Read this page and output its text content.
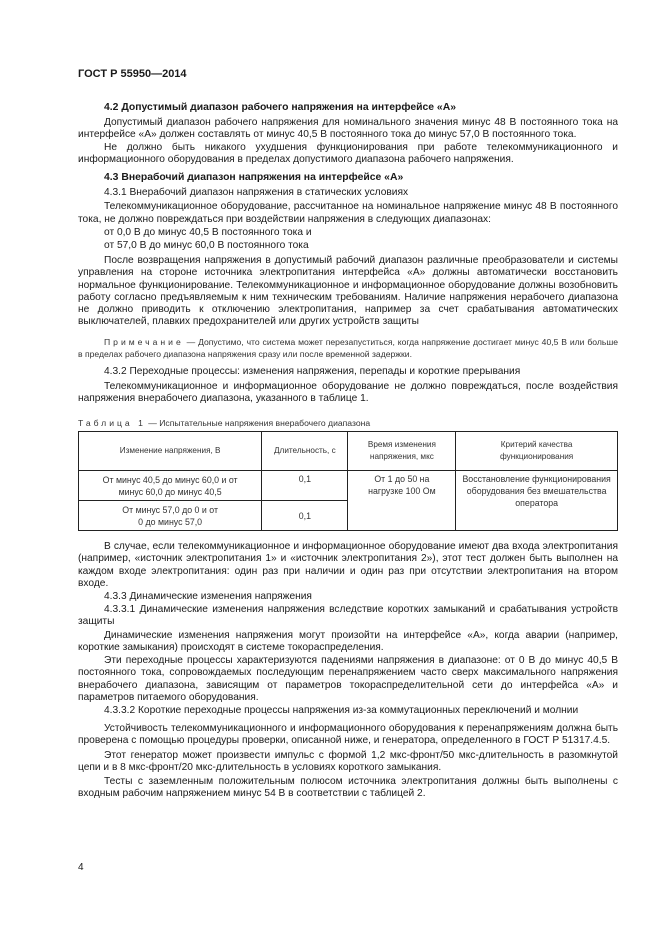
ГОСТ Р 55950—2014

4.2 Допустимый диапазон рабочего напряжения на интерфейсе «A»

Допустимый диапазон рабочего напряжения для номинального значения минус 48 В постоянного тока на интерфейсе «A» должен составлять от минус 40,5 В постоянного тока до минус 57,0 В постоянного тока.

Не должно быть никакого ухудшения функционирования при работе телекоммуникационного и информационного оборудования в пределах допустимого диапазона рабочего напряжения.

4.3 Внерабочий диапазон напряжения на интерфейсе «A»

4.3.1 Внерабочий диапазон напряжения в статических условиях

Телекоммуникационное оборудование, рассчитанное на номинальное напряжение минус 48 В постоянного тока, не должно повреждаться при воздействии напряжения в следующих диапазонах:

от 0,0 В до минус 40,5 В постоянного тока и

от 57,0 В до минус 60,0 В постоянного тока

После возвращения напряжения в допустимый рабочий диапазон различные преобразователи и системы управления на стороне источника электропитания интерфейса «A» должны автоматически восстановить нормальное функционирование. Телекоммуникационное и информационное оборудование должны возобновить работу согласно предъявляемым к ним техническим требованиям. Наличие напряжения нерабочего диапазона не должно приводить к отключению электропитания, например за счет срабатывания автоматических выключателей, плавких предохранителей или других устройств защиты

Примечание — Допустимо, что система может перезапуститься, когда напряжение достигает минус 40,5 В или больше в пределах рабочего диапазона напряжения сразу или после временной задержки.

4.3.2 Переходные процессы: изменения напряжения, перепады и короткие прерывания

Телекоммуникационное и информационное оборудование не должно повреждаться, после воздействия напряжения внерабочего диапазона, указанного в таблице 1.

Таблица 1 — Испытательные напряжения внерабочего диапазона

Изменение напряжения, В	Длительность, с	Время изменения напряжения, мкс	Критерий качества функционирования
От минус 40,5 до минус 60,0 и от минус 60,0 до минус 40,5	0,1	От 1 до 50 на нагрузке 100 Ом	Восстановление функционирования оборудования без вмешательства оператора
От минус 57,0 до 0 и от 0 до минус 57,0	0,1		

В случае, если телекоммуникационное и информационное оборудование имеют два входа электропитания (например, «источник электропитания 1» и «источник электропитания 2»), этот тест должен быть выполнен на каждом входе электропитания: один раз при наличии и один раз при отсутствии электропитания на втором входе.

4.3.3 Динамические изменения напряжения

4.3.3.1 Динамические изменения напряжения вследствие коротких замыканий и срабатывания устройств защиты

Динамические изменения напряжения могут произойти на интерфейсе «A», когда аварии (например, короткие замыкания) происходят в системе токораспределения.

Эти переходные процессы характеризуются падениями напряжения в диапазоне: от 0 В до минус 40,5 В постоянного тока, сопровождаемых последующим перенапряжением часто сверх максимального напряжения внерабочего диапазона, зависящим от параметров токораспределительной сети до интерфейса «A» и параметров питаемого оборудования.

4.3.3.2 Короткие переходные процессы напряжения из-за коммутационных переключений и молнии

Устойчивость телекоммуникационного и информационного оборудования к перенапряжениям должна быть проверена с помощью процедуры проверки, описанной ниже, и генератора, определенного в ГОСТ Р 51317.4.5.

Этот генератор может произвести импульс с формой 1,2 мкс-фронт/50 мкс-длительность в разомкнутой цепи и в 8 мкс-фронт/20 мкс-длительность в условиях короткого замыкания.

Тесты с заземленным положительным полюсом источника электропитания должны быть выполнены с входным рабочим напряжением минус 54 В в соответствии с таблицей 2.

4
